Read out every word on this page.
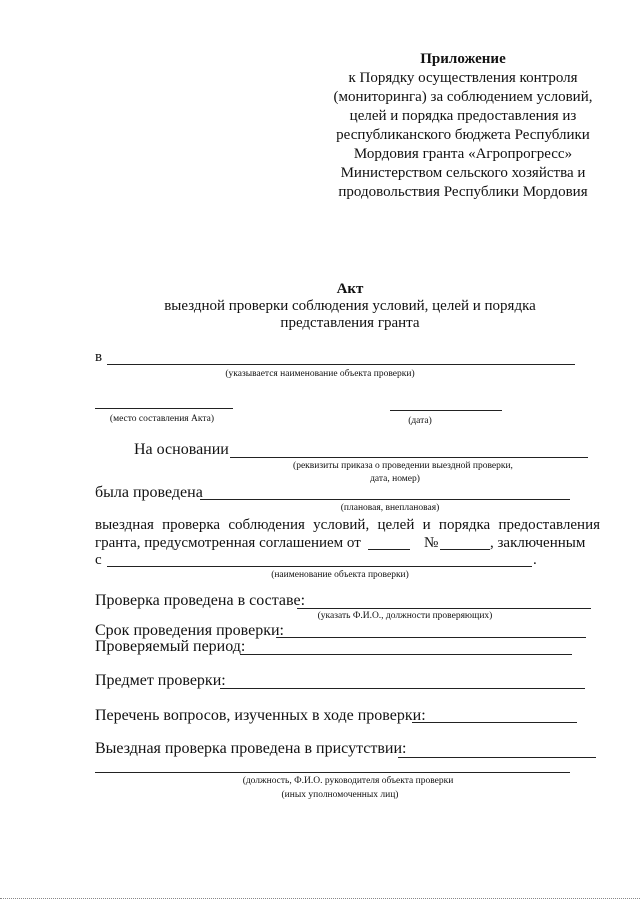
Приложение
к Порядку осуществления контроля
(мониторинга) за соблюдением условий,
целей и порядка предоставления из
республиканского бюджета Республики
Мордовия гранта «Агропрогресс»
Министерством сельского хозяйства и
продовольствия Республики Мордовия
Акт
выездной проверки соблюдения условий, целей и порядка
представления гранта
в
(указывается наименование объекта проверки)
(место составления Акта)	(дата)
На основании
(реквизиты приказа о проведении выездной проверки,
дата, номер)
была проведена
(плановая, внеплановая)
выездная проверка соблюдения условий, целей и порядка предоставления
гранта, предусмотренная соглашением от	№	, заключенным
с	.
(наименование объекта проверки)
Проверка проведена в составе:
(указать Ф.И.О., должности проверяющих)
Срок проведения проверки:
Проверяемый период:
Предмет проверки:
Перечень вопросов, изученных в ходе проверки:
Выездная проверка проведена в присутствии:
(должность, Ф.И.О. руководителя объекта проверки
(иных уполномоченных лиц)
